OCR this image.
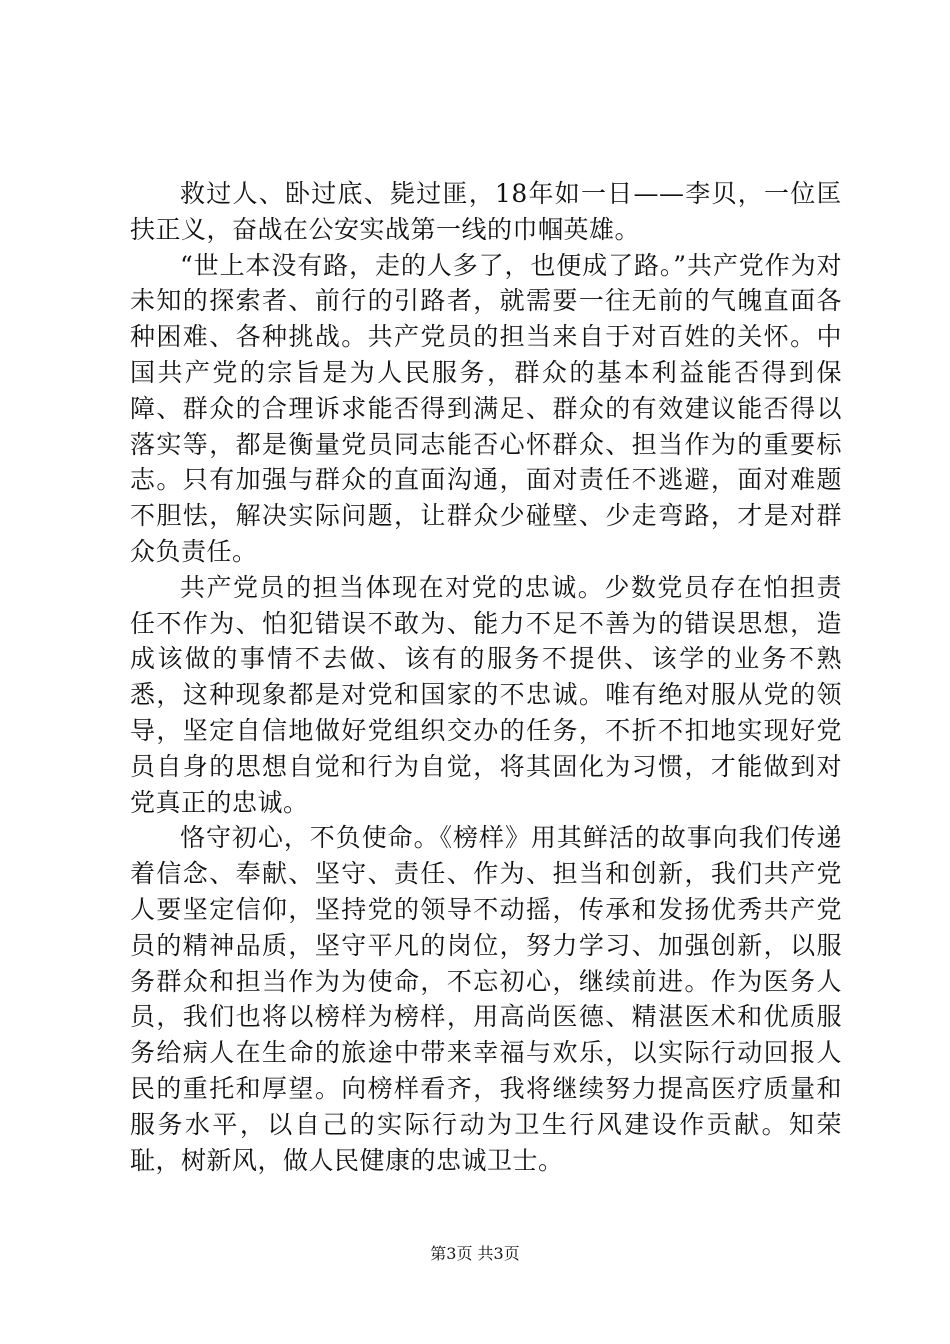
救过人、卧过底、毙过匪，18年如一日——李贝，一位匡扶正义，奋战在公安实战第一线的巾帼英雄。

“世上本没有路，走的人多了，也便成了路。”共产党作为对未知的探索者、前行的引路者，就需要一往无前的气魄直面各种困难、各种挑战。共产党员的担当来自于对百姓的关怀。中国共产党的宗旨是为人民服务，群众的基本利益能否得到保障、群众的合理诉求能否得到满足、群众的有效建议能否得以落实等，都是衡量党员同志能否心怀群众、担当作为的重要标志。只有加强与群众的直面沟通，面对责任不逃避，面对难题不胆怯，解决实际问题，让群众少碰壁、少走弯路，才是对群众负责任。

共产党员的担当体现在对党的忠诚。少数党员存在怕担责任不作为、怕犯错误不敢为、能力不足不善为的错误思想，造成该做的事情不去做、该有的服务不提供、该学的业务不熟悉，这种现象都是对党和国家的不忠诚。唯有绝对服从党的领导，坚定自信地做好党组织交办的任务，不折不扣地实现好党员自身的思想自觉和行为自觉，将其固化为习惯，才能做到对党真正的忠诚。

恪守初心，不负使命。《榜样》用其鲜活的故事向我们传递着信念、奉献、坚守、责任、作为、担当和创新，我们共产党人要坚定信仰，坚持党的领导不动摇，传承和发扬优秀共产党员的精神品质，坚守平凡的岗位，努力学习、加强创新，以服务群众和担当作为为使命，不忘初心，继续前进。作为医务人员，我们也将以榜样为榜样，用高尚医德、精湛医术和优质服务给病人在生命的旅途中带来幸福与欢乐，以实际行动回报人民的重托和厚望。向榜样看齐，我将继续努力提高医疗质量和服务水平，以自己的实际行动为卫生行风建设作贡献。知荣耻，树新风，做人民健康的忠诚卫士。

第3页 共3页
